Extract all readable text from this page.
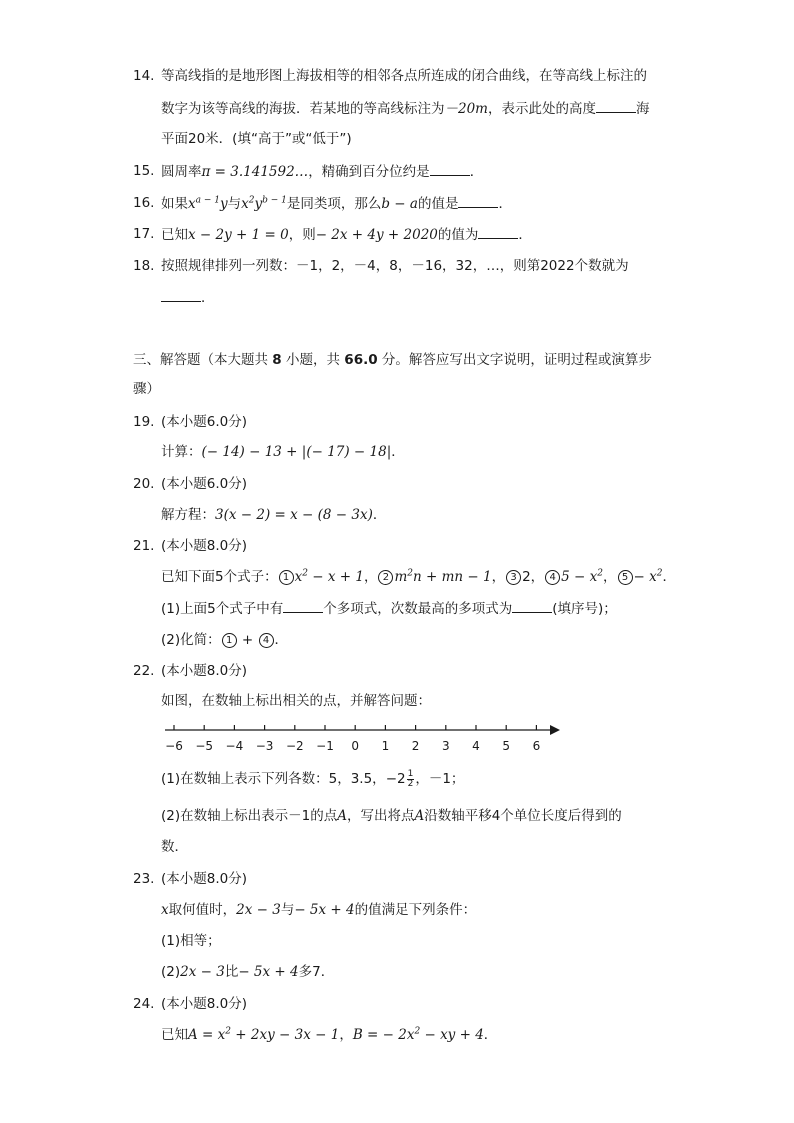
14. 等高线指的是地形图上海拔相等的相邻各点所连成的闭合曲线，在等高线上标注的
数字为该等高线的海拔．若某地的等高线标注为－20m，表示此处的高度	海
平面20米．(填“高于”或“低于”)
15. 圆周率π = 3.141592…，精确到百分位约是	．
16. 如果$x^{a - 1}y$与$x^2y^{b - 1}$是同类项，那么b − a的值是	．
17. 已知x − 2y + 1 = 0，则− 2x + 4y + 2020的值为	．
18. 按照规律排列一列数：－1，2，－4，8，－16，32，…，则第2022个数就为
．
三、解答题（本大题共 8 小题，共 66.0 分。解答应写出文字说明，证明过程或演算步
骤）
19. (本小题6.0分)
计算：(− 14) − 13 + |(− 17) − 18|．
20. (本小题6.0分)
解方程：3(x − 2) = x − (8 − 3x)．
21. (本小题8.0分)
已知下面5个式子： 1 $x^2 - x + 1$， 2 $m^2n$ + mn − 1， 3 2， 4 $5 - x^2$， $5 - x^2$．
(1)上面5个式子中有	个多项式，次数最高的多项式为	(填序号)；
(2)化简： 1 + 4 ．
22. (本小题8.0分)
如图，在数轴上标出相关的点，并解答问题：
−6 −5 −4 −3 −2 −1 0 1 2 3 4 5 6
(1)在数轴上表示下列各数：5，3.5，$-2 \frac{1}{2}$ ，－1；
(2)在数轴上标出表示－1的点A，写出将点A沿数轴平移4个单位长度后得到的
数．
23. (本小题8.0分)
x取何值时，2x − 3与− 5x + 4的值满足下列条件：
(1)相等；
(2)2x − 3比− 5x + 4多7．
24. (本小题8.0分)
已知$A = x^2 + 2xy - 3x - 1$，B = − $2x^2$ − xy + 4．
